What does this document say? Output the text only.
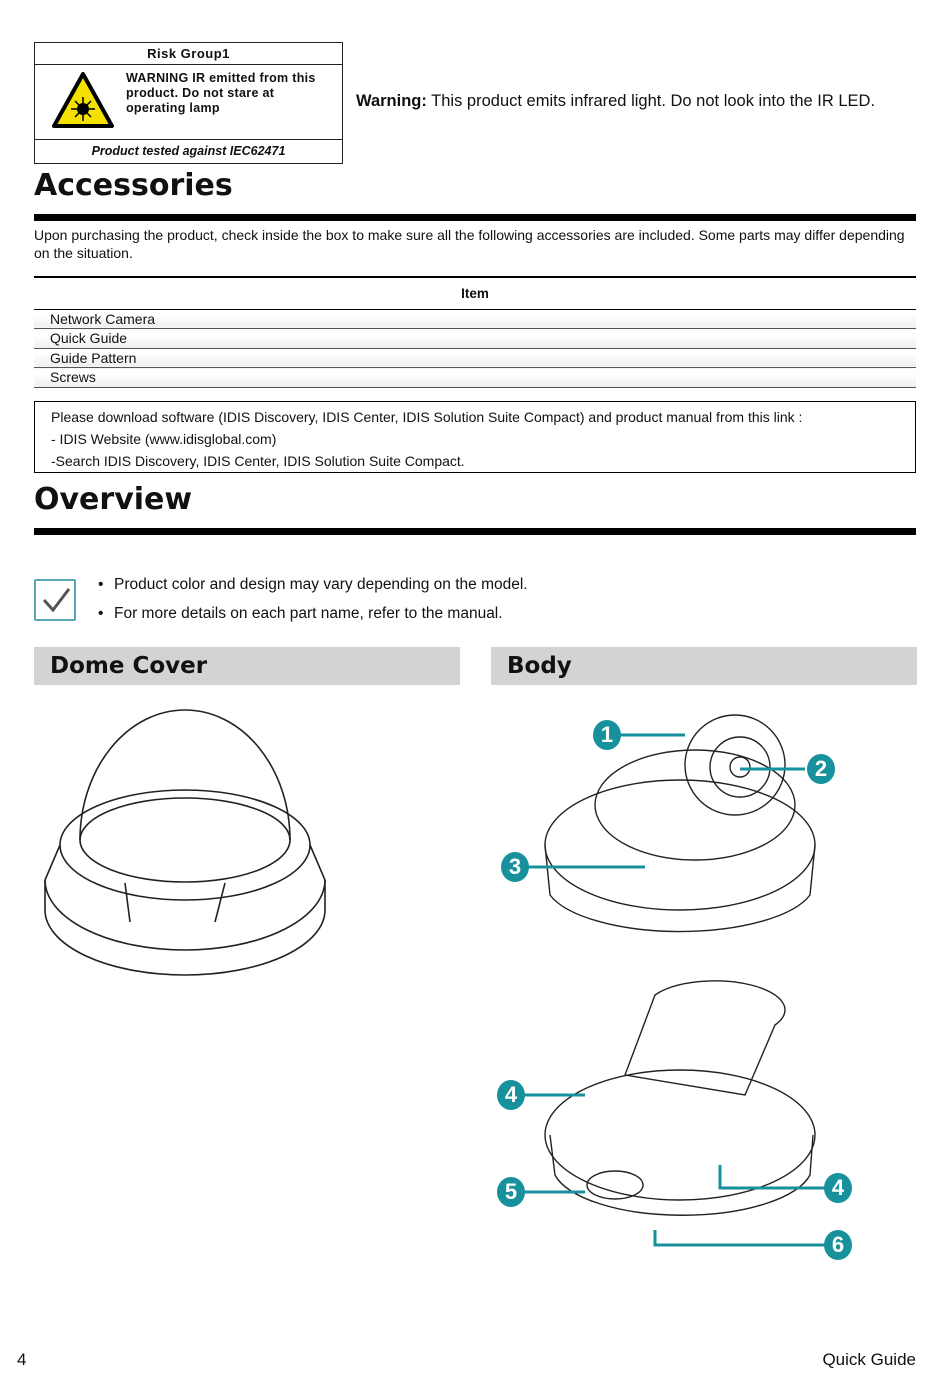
Risk Group1
WARNING IR emitted from this
product. Do not stare at
operating lamp
Product tested against IEC62471
Warning: This product emits infrared light. Do not look into the IR LED.
Accessories
Upon purchasing the product, check inside the box to make sure all the following accessories are included. Some parts may differ depending on the situation.
Item
Network Camera
Quick Guide
Guide Pattern
Screws
Please download software (IDIS Discovery, IDIS Center, IDIS Solution Suite Compact) and product manual from this link :
- IDIS Website (www.idisglobal.com)
-Search IDIS Discovery, IDIS Center, IDIS Solution Suite Compact.
Overview
• Product color and design may vary depending on the model.
• For more details on each part name, refer to the manual.
Dome Cover	Body
1
2
3
4
5	4
6
4	Quick Guide
